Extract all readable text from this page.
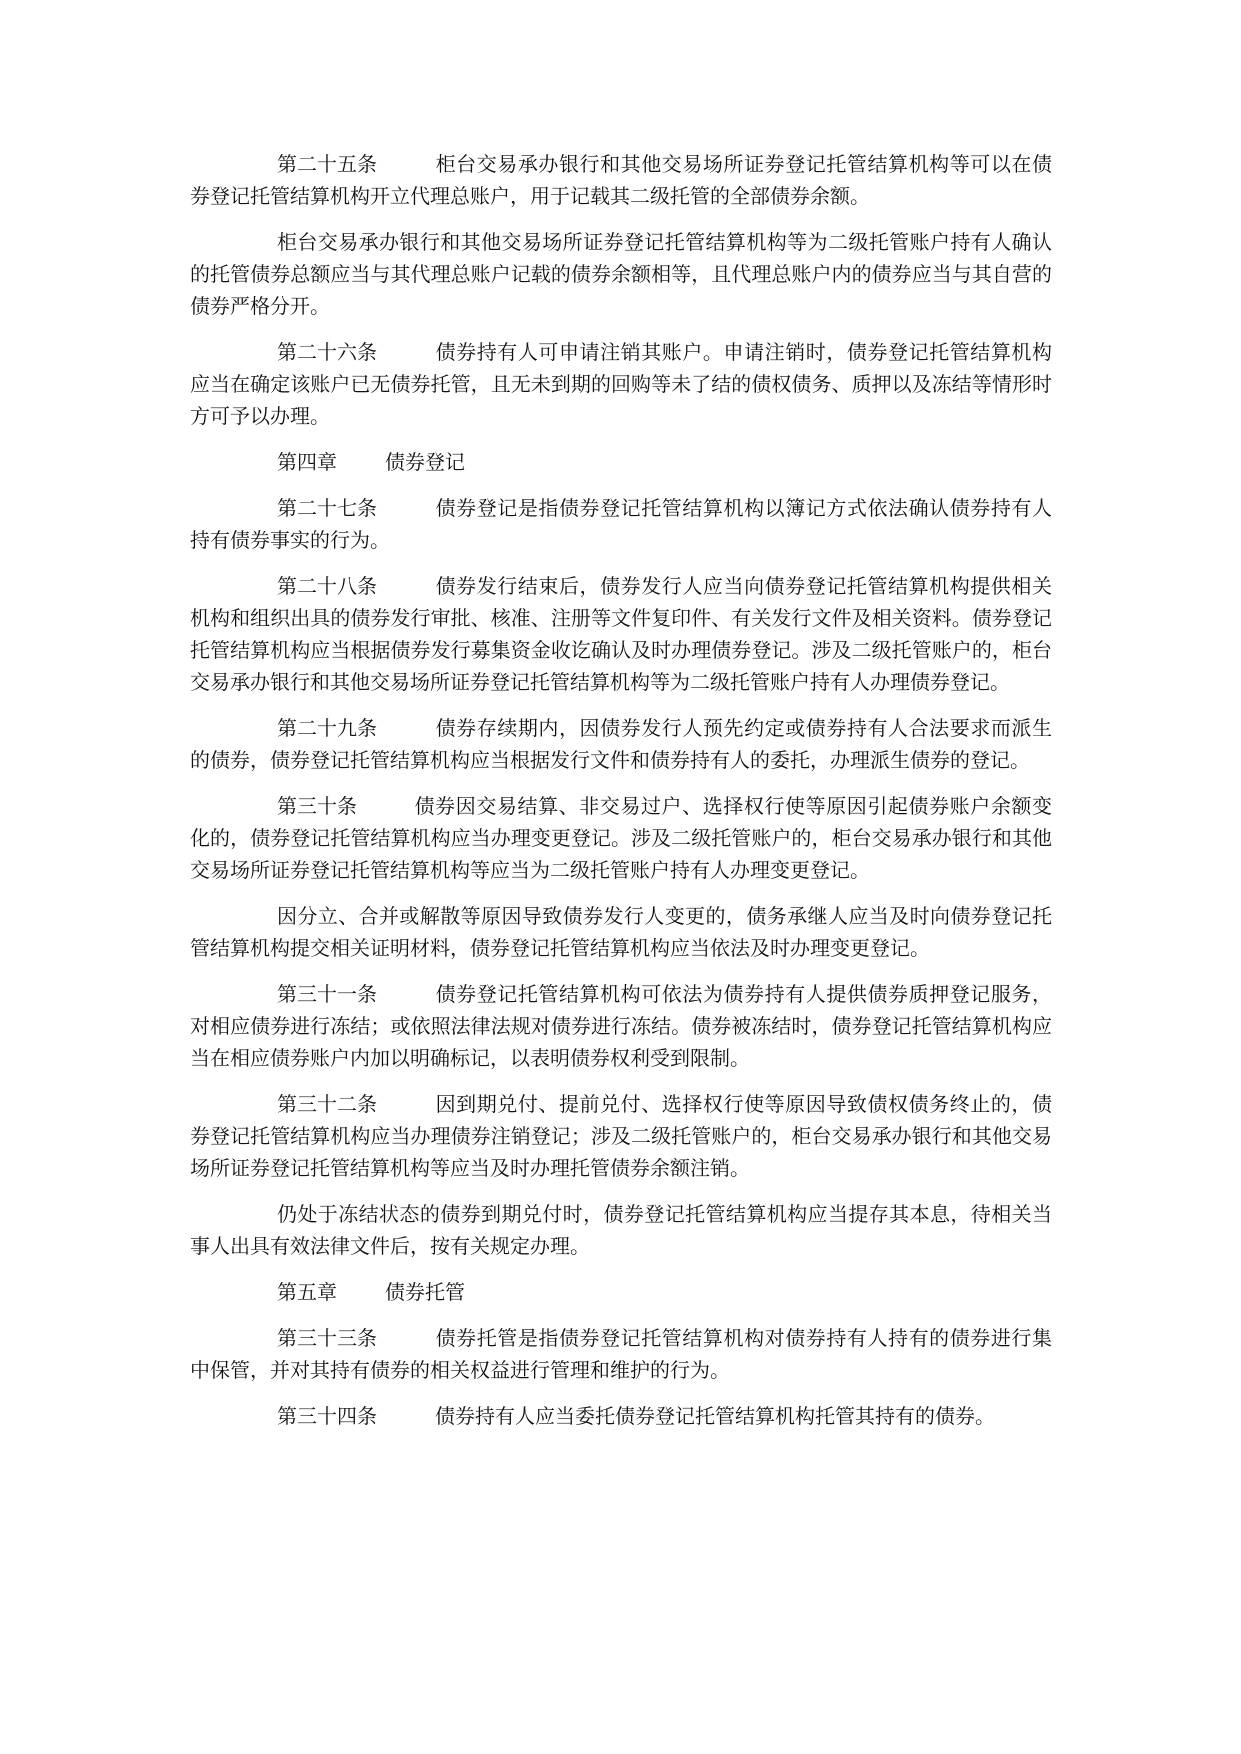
第二十五条	柜台交易承办银行和其他交易场所证券登记托管结算机构等可以在债券登记托管结算机构开立代理总账户，用于记载其二级托管的全部债券余额。

柜台交易承办银行和其他交易场所证券登记托管结算机构等为二级托管账户持有人确认的托管债券总额应当与其代理总账户记载的债券余额相等，且代理总账户内的债券应当与其自营的债券严格分开。

第二十六条	债券持有人可申请注销其账户。申请注销时，债券登记托管结算机构应当在确定该账户已无债券托管，且无未到期的回购等未了结的债权债务、质押以及冻结等情形时方可予以办理。

第四章 债券登记

第二十七条	债券登记是指债券登记托管结算机构以簿记方式依法确认债券持有人持有债券事实的行为。

第二十八条	债券发行结束后，债券发行人应当向债券登记托管结算机构提供相关机构和组织出具的债券发行审批、核准、注册等文件复印件、有关发行文件及相关资料。债券登记托管结算机构应当根据债券发行募集资金收讫确认及时办理债券登记。涉及二级托管账户的，柜台交易承办银行和其他交易场所证券登记托管结算机构等为二级托管账户持有人办理债券登记。

第二十九条	债券存续期内，因债券发行人预先约定或债券持有人合法要求而派生的债券，债券登记托管结算机构应当根据发行文件和债券持有人的委托，办理派生债券的登记。

第三十条	债券因交易结算、非交易过户、选择权行使等原因引起债券账户余额变化的，债券登记托管结算机构应当办理变更登记。涉及二级托管账户的，柜台交易承办银行和其他交易场所证券登记托管结算机构等应当为二级托管账户持有人办理变更登记。

因分立、合并或解散等原因导致债券发行人变更的，债务承继人应当及时向债券登记托管结算机构提交相关证明材料，债券登记托管结算机构应当依法及时办理变更登记。

第三十一条	债券登记托管结算机构可依法为债券持有人提供债券质押登记服务，对相应债券进行冻结；或依照法律法规对债券进行冻结。债券被冻结时，债券登记托管结算机构应当在相应债券账户内加以明确标记，以表明债券权利受到限制。

第三十二条	因到期兑付、提前兑付、选择权行使等原因导致债权债务终止的，债券登记托管结算机构应当办理债券注销登记；涉及二级托管账户的，柜台交易承办银行和其他交易场所证券登记托管结算机构等应当及时办理托管债券余额注销。

仍处于冻结状态的债券到期兑付时，债券登记托管结算机构应当提存其本息，待相关当事人出具有效法律文件后，按有关规定办理。

第五章 债券托管

第三十三条	债券托管是指债券登记托管结算机构对债券持有人持有的债券进行集中保管，并对其持有债券的相关权益进行管理和维护的行为。

第三十四条	债券持有人应当委托债券登记托管结算机构托管其持有的债券。
